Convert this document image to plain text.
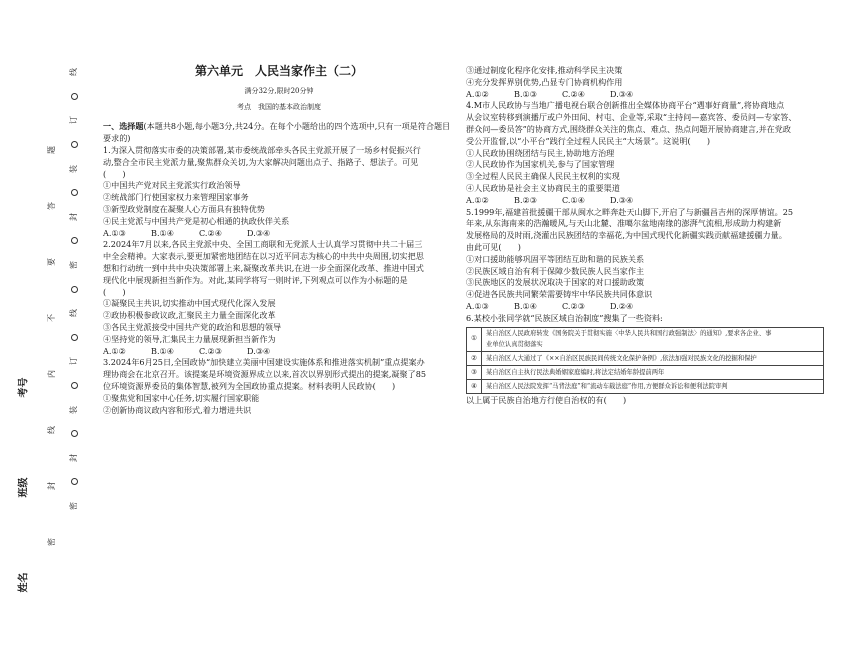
线
订
装
封
密
线
订
装
封
密
题
答
要
不
内
线
封
密
姓名
班级
考号
第六单元　人民当家作主（二）
满分32分,限时20分钟
考点　我国的基本政治制度

一、选择题(本题共8小题,每小题3分,共24分。在每个小题给出的四个选项中,只有一项是符合题目要求的)

1.为深入贯彻落实市委的决策部署,某市委统战部牵头各民主党派开展了一场乡村促振兴行

动,整合全市民主党派力量,聚焦群众关切,为大家解决问题出点子、指路子、想法子。可见

(　　)

①中国共产党对民主党派实行政治领导

②统战部门行使国家权力来管理国家事务

③新型政党制度在凝聚人心方面具有独特优势

④民主党派与中国共产党是初心相通的执政伙伴关系

A.①③	B.①④	C.②④	D.③④

2.2024年7月以来,各民主党派中央、全国工商联和无党派人士认真学习贯彻中共二十届三

中全会精神。大家表示,要更加紧密地团结在以习近平同志为核心的中共中央周围,切实把思

想和行动统一到中共中央决策部署上来,凝聚改革共识,在进一步全面深化改革、推进中国式

现代化中展现新担当新作为。对此,某同学将写一则时评,下列观点可以作为小标题的是

(　　)

①凝聚民主共识,切实推动中国式现代化深入发展

②政协积极参政议政,汇聚民主力量全面深化改革

③各民主党派接受中国共产党的政治和思想的领导

④坚持党的领导,汇集民主力量展现新担当新作为

A.①②	B.①④	C.②③	D.③④

3.2024年6月25日,全国政协“加快建立美丽中国建设实施体系和推进落实机制”重点提案办

理协商会在北京召开。该提案是环境资源界成立以来,首次以界别形式提出的提案,凝聚了85

位环境资源界委员的集体智慧,被列为全国政协重点提案。材料表明人民政协(　　)

①聚焦党和国家中心任务,切实履行国家职能

②创新协商议政内容和形式,着力增进共识

③通过制度化程序化安排,推动科学民主决策

④充分发挥界别优势,凸显专门协商机构作用

A.①②	B.①③	C.②④	D.③④

4.M市人民政协与当地广播电视台联合创新推出全媒体协商平台“遇事好商量”,将协商地点

从会议室转移到演播厅或户外田间、村屯、企业等,采取“主持问—嘉宾答、委员问—专家答、

群众问—委员答”的协商方式,围绕群众关注的焦点、难点、热点问题开展协商建言,并在党政

受公开监督,以“小平台”践行全过程人民民主“大场景”。这说明(　　)

①人民政协围绕团结与民主,协助地方治理

②人民政协作为国家机关,参与了国家管理

③全过程人民民主确保人民民主权利的实现

④人民政协是社会主义协商民主的重要渠道

A.①②	B.②③	C.①④	D.③④

5.1999年,福建首批援疆干部从闽水之畔奔赴天山脚下,开启了与新疆昌吉州的深厚情谊。25

年来,从东海南来的浩瀚暖风,与天山北麓、准噶尔盆地南缘的澎湃气流相,形成助力构建新

发展格局的及时雨,浇灌出民族团结的幸福花,为中国式现代化新疆实践贡献福建援疆力量。

由此可见(　　)

①对口援助能够巩固平等团结互助和谐的民族关系

②民族区域自治有利于保障少数民族人民当家作主

③民族地区的发展状况取决于国家的对口援助政策

④促进各民族共同繁荣需要铸牢中华民族共同体意识

A.①③	B.①④	C.②③	D.②④

6.某校小张同学就“民族区域自治制度”搜集了一些资料:

①	某自治区人民政府转发《国务院关于贯彻实施〈中华人民共和国行政强制法〉的通知》,要求各企业、事
业单位认真贯彻落实

②	某自治区人大通过了《××自治区民族民间传统文化保护条例》,依法加强对民族文化的挖掘和保护
③	某自治区自主执行民法典婚姻家庭编时,将法定结婚年龄提前两年
④	某自治区人民法院发挥“马背法庭”和“流动车载法庭”作用,方便群众诉讼和便利法院审判

以上属于民族自治地方行使自治权的有(　　)
